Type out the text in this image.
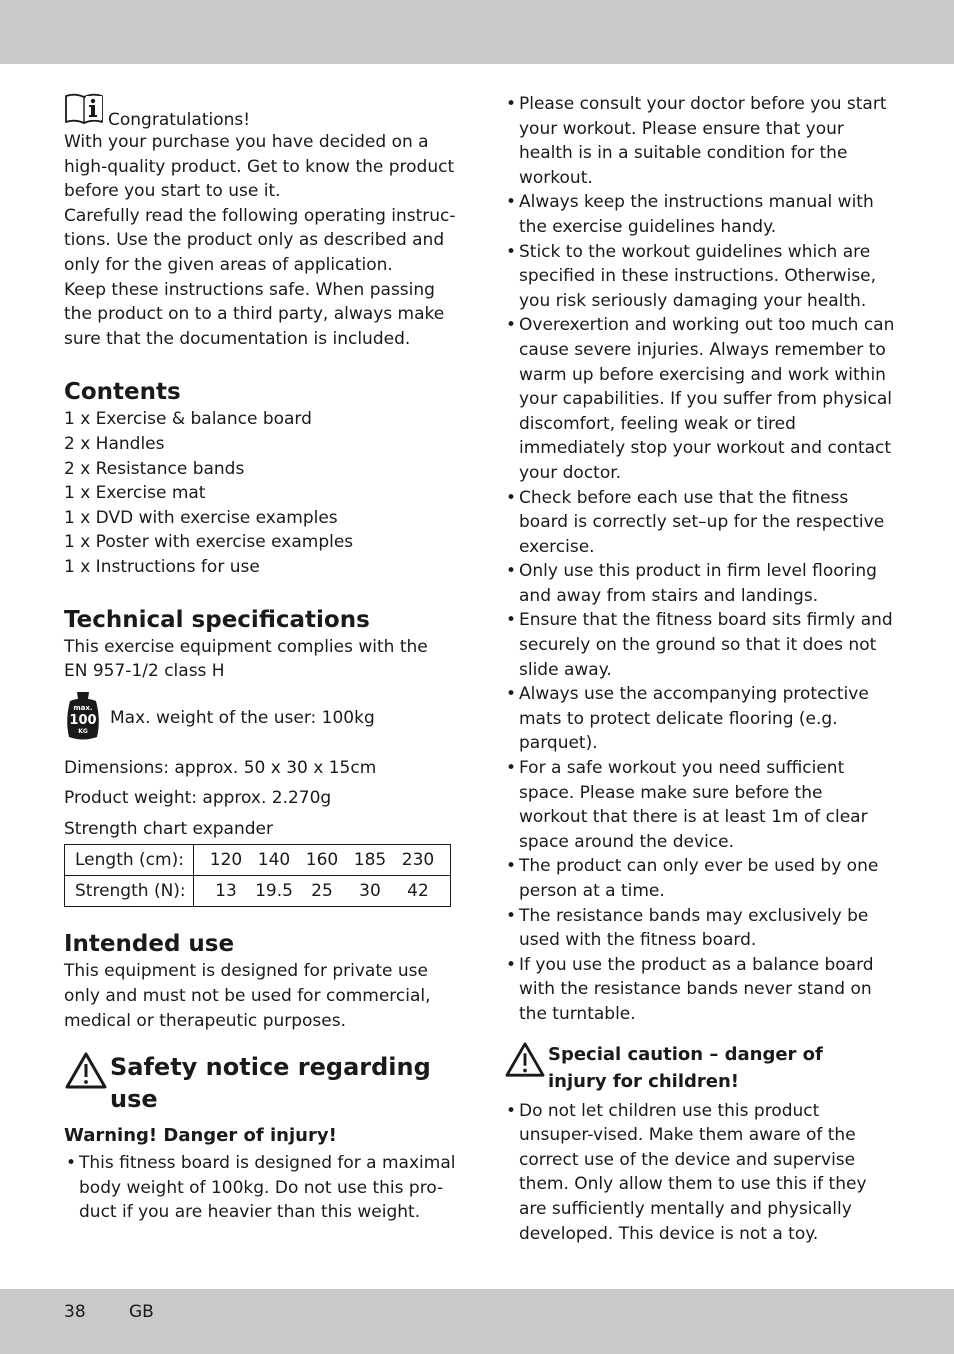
Congratulations!

With your purchase you have decided on a high-quality product. Get to know the product before you start to use it.

Carefully read the following operating instruc-tions. Use the product only as described and only for the given areas of application.

Keep these instructions safe. When passing the product on to a third party, always make sure that the documentation is included.

Contents
1 x Exercise & balance board
2 x Handles
2 x Resistance bands
1 x Exercise mat
1 x DVD with exercise examples
1 x Poster with exercise examples
1 x Instructions for use
Technical specifications

This exercise equipment complies with the

EN 957-1/2 class H

max.
100
KG
Max. weight of the user: 100kg

Dimensions: approx. 50 x 30 x 15cm

Product weight: approx. 2.270g

Strength chart expander

Length (cm):	120 140 160 185 230

Strength (N):	13 19.5 25 30 42
Intended use

This equipment is designed for private use only and must not be used for commercial, medical or therapeutic purposes.

Safety notice regarding use
Warning! Danger of injury!
• This fitness board is designed for a maximal body weight of 100kg. Do not use this pro-duct if you are heavier than this weight.
• Please consult your doctor before you start your workout. Please ensure that your health is in a suitable condition for the workout.
• Always keep the instructions manual with the exercise guidelines handy.
• Stick to the workout guidelines which are specified in these instructions. Otherwise, you risk seriously damaging your health.
• Overexertion and working out too much can cause severe injuries. Always remember to warm up before exercising and work within your capabilities. If you suffer from physical discomfort, feeling weak or tired immediately stop your workout and contact your doctor.
• Check before each use that the fitness board is correctly set–up for the respective exercise.
• Only use this product in firm level flooring and away from stairs and landings.
• Ensure that the fitness board sits firmly and securely on the ground so that it does not slide away.
• Always use the accompanying protective mats to protect delicate flooring (e.g. parquet).
• For a safe workout you need sufficient space. Please make sure before the workout that there is at least 1m of clear space around the device.
• The product can only ever be used by one person at a time.
• The resistance bands may exclusively be used with the fitness board.
• If you use the product as a balance board with the resistance bands never stand on the turntable.
Special caution – danger of injury for children!
• Do not let children use this product unsuper-vised. Make them aware of the correct use of the device and supervise them. Only allow them to use this if they are sufficiently mentally and physically developed. This device is not a toy.
38	GB
